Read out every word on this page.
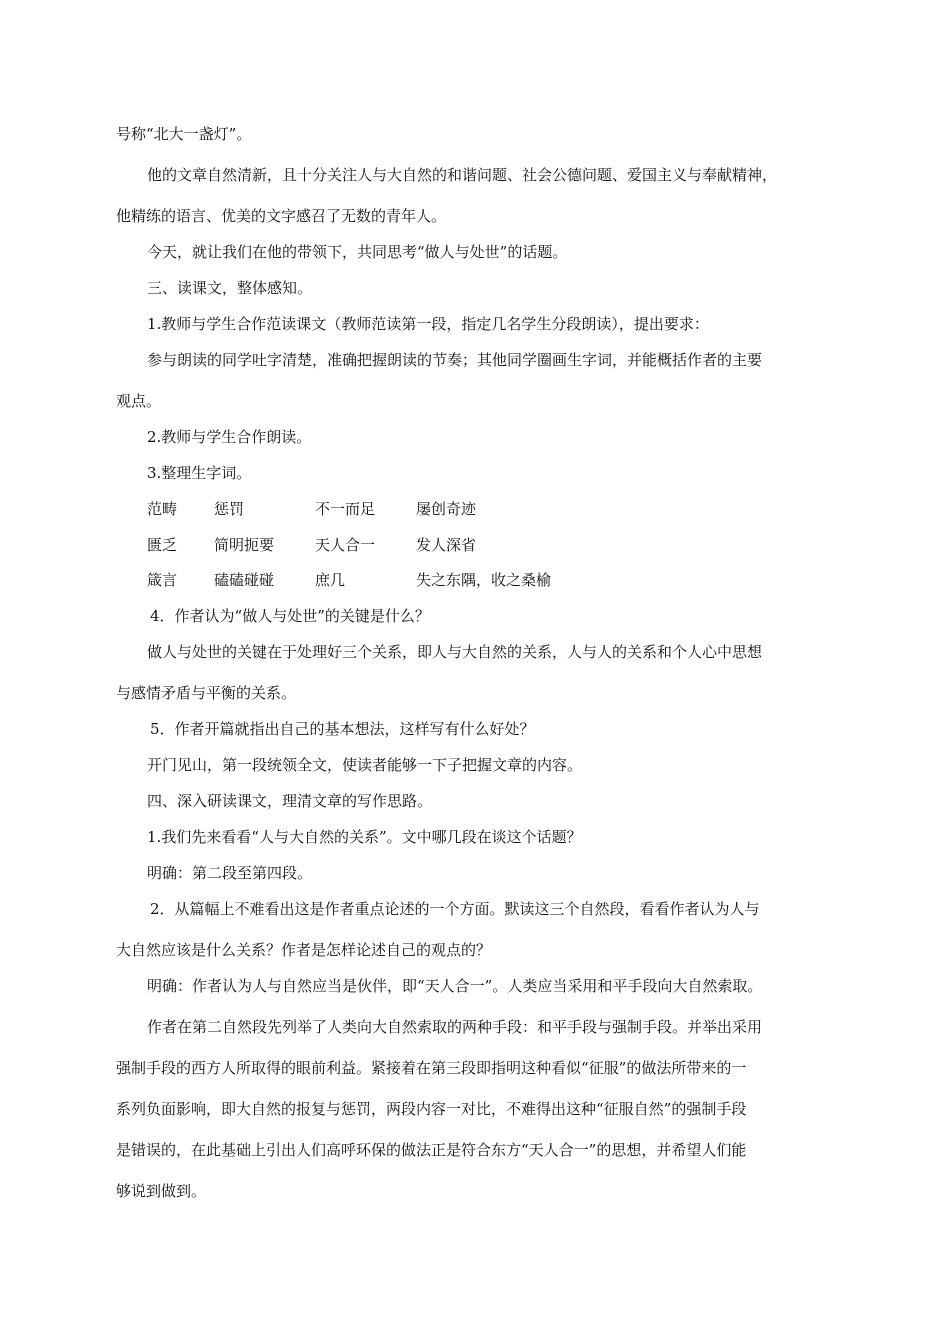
号称“北大一盏灯”。
他的文章自然清新，且十分关注人与大自然的和谐问题、社会公德问题、爱国主义与奉献精神，
他精练的语言、优美的文字感召了无数的青年人。
今天，就让我们在他的带领下，共同思考“做人与处世”的话题。
三、读课文，整体感知。
1.教师与学生合作范读课文（教师范读第一段，指定几名学生分段朗读），提出要求：
参与朗读的同学吐字清楚，准确把握朗读的节奏；其他同学圈画生字词，并能概括作者的主要
观点。
2.教师与学生合作朗读。
3.整理生字词。
范畴 惩罚	不一而足	屡创奇迹
匮乏 简明扼要	天人合一	发人深省
箴言 磕磕碰碰	庶几	失之东隅，收之桑榆
4．作者认为“做人与处世”的关键是什么？
做人与处世的关键在于处理好三个关系，即人与大自然的关系，人与人的关系和个人心中思想
与感情矛盾与平衡的关系。
5．作者开篇就指出自己的基本想法，这样写有什么好处？
开门见山，第一段统领全文，使读者能够一下子把握文章的内容。
四、深入研读课文，理清文章的写作思路。
1.我们先来看看“人与大自然的关系”。文中哪几段在谈这个话题？
明确：第二段至第四段。
2．从篇幅上不难看出这是作者重点论述的一个方面。默读这三个自然段，看看作者认为人与
大自然应该是什么关系？作者是怎样论述自己的观点的？
明确：作者认为人与自然应当是伙伴，即“天人合一”。人类应当采用和平手段向大自然索取。
作者在第二自然段先列举了人类向大自然索取的两种手段：和平手段与强制手段。并举出采用
强制手段的西方人所取得的眼前利益。紧接着在第三段即指明这种看似“征服”的做法所带来的一
系列负面影响，即大自然的报复与惩罚，两段内容一对比，不难得出这种“征服自然”的强制手段
是错误的，在此基础上引出人们高呼环保的做法正是符合东方“天人合一”的思想，并希望人们能
够说到做到。
